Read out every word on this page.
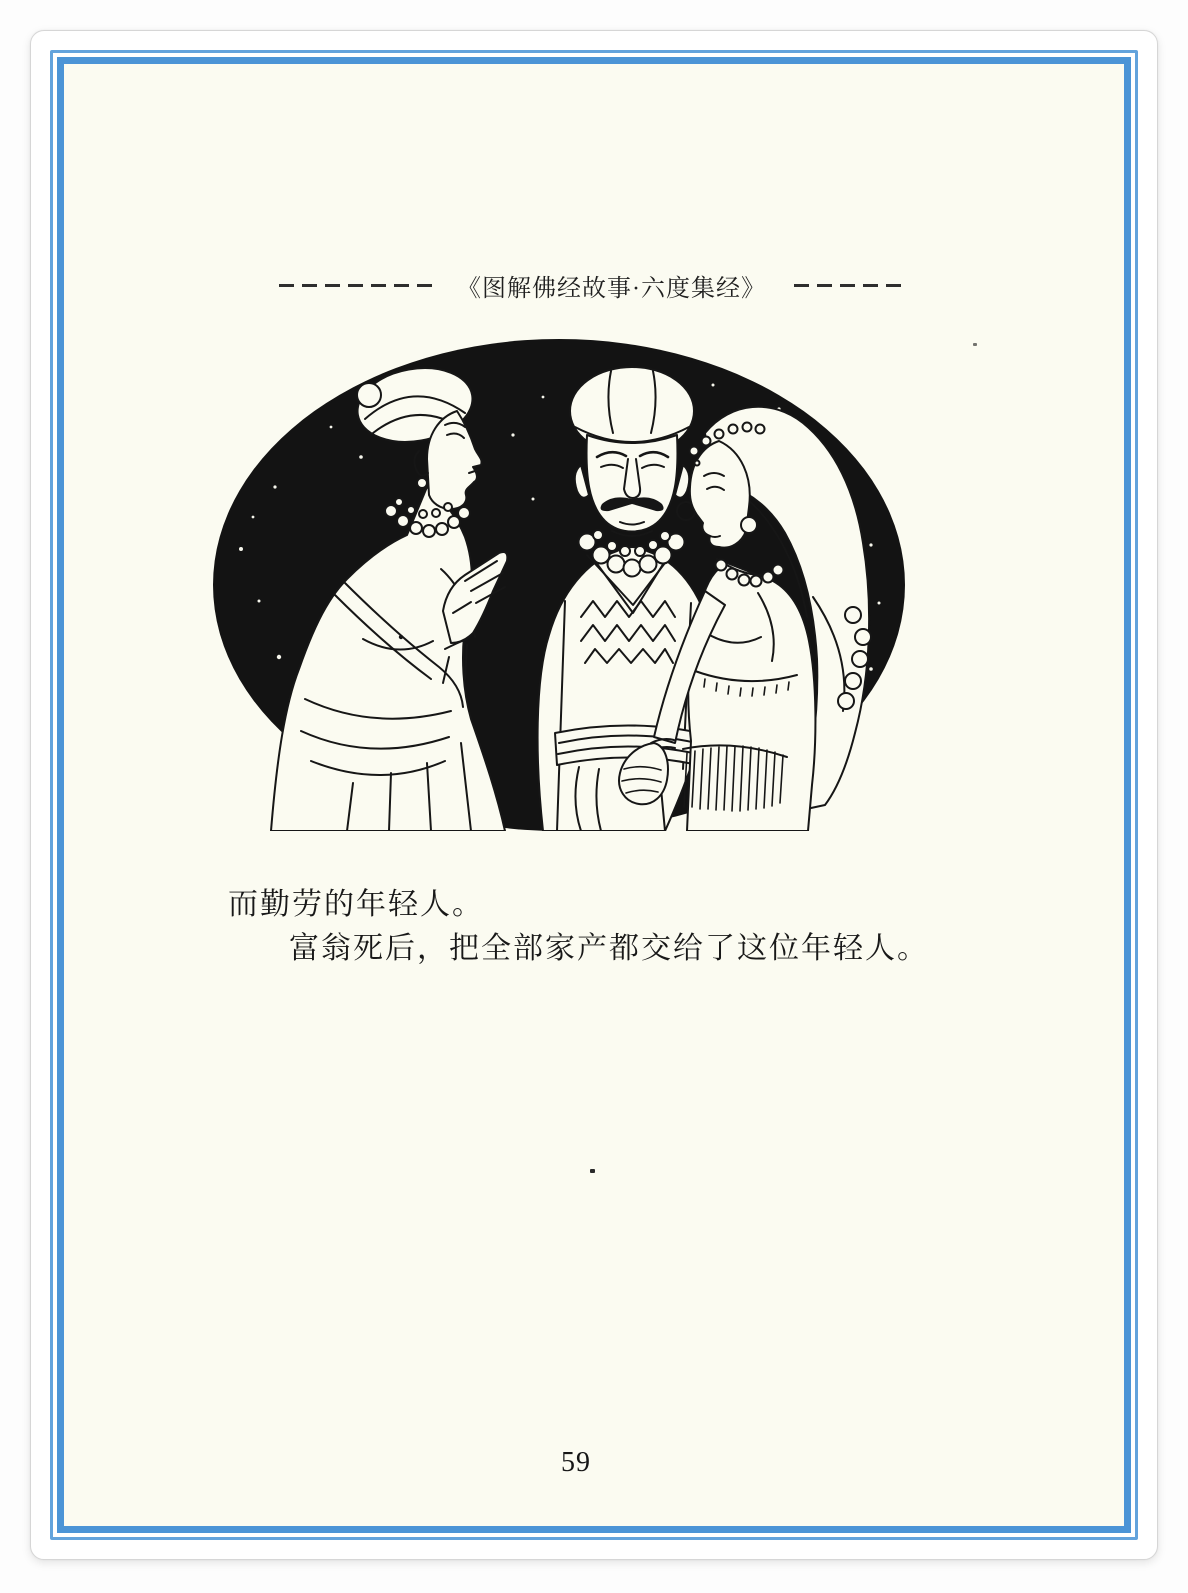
《图解佛经故事·六度集经》

而勤劳的年轻人。

富翁死后，把全部家产都交给了这位年轻人。

59
